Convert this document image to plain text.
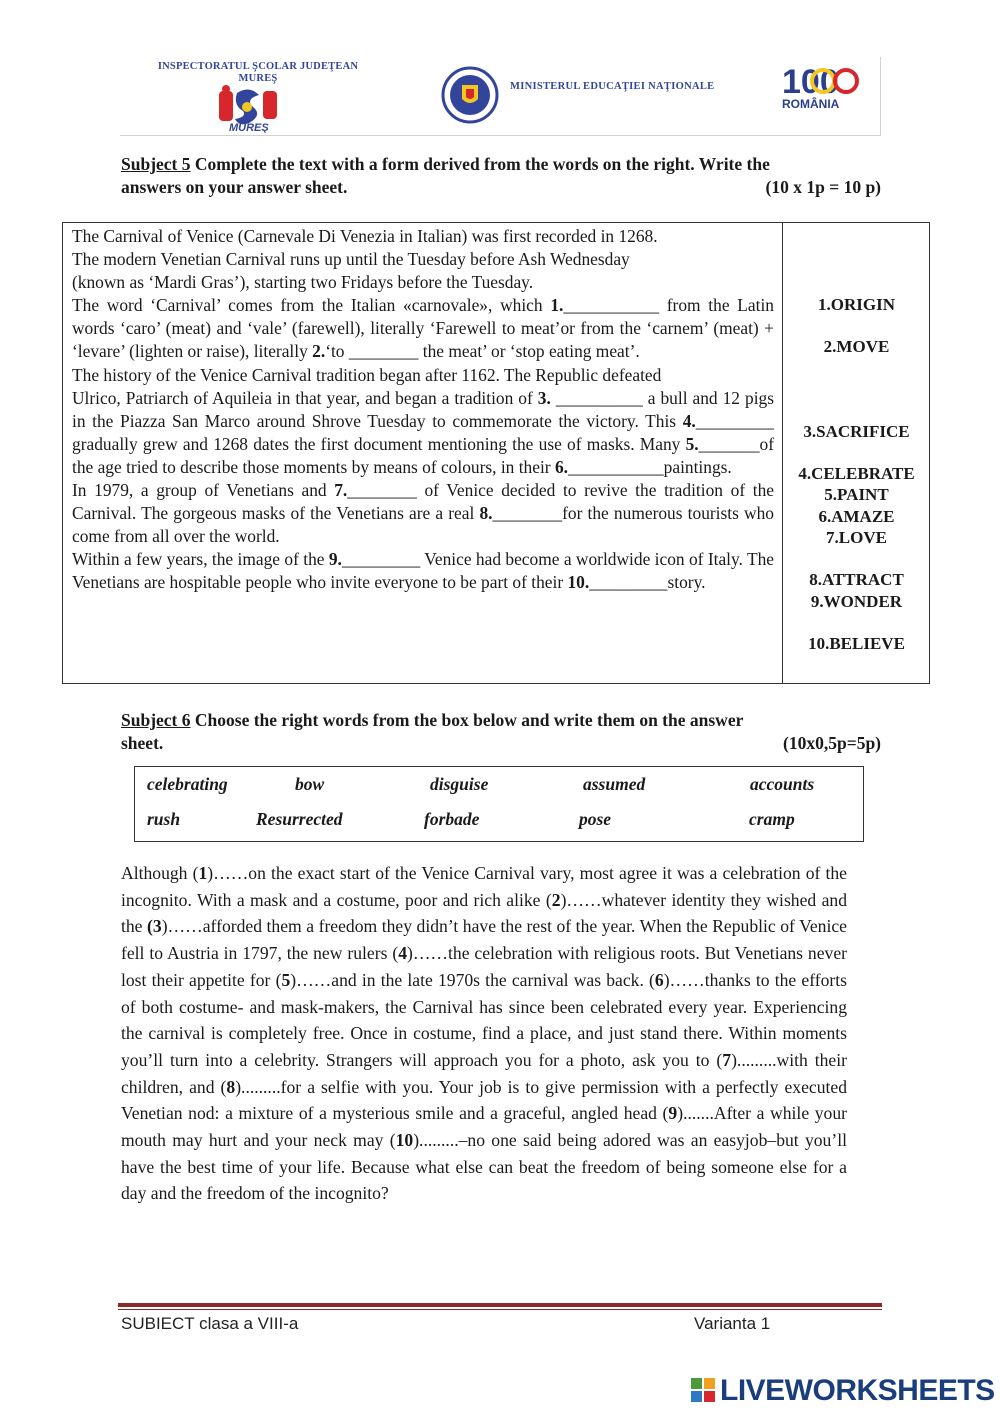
INSPECTORATUL ŞCOLAR JUDEŢEAN
MUREŞ
MUREŞ
MINISTERUL EDUCAŢIEI NAŢIONALE 100
ROMÂNIA
Subject 5 Complete the text with a form derived from the words on the right. Write the
answers on your answer sheet.	(10 x 1p = 10 p)
The Carnival of Venice (Carnevale Di Venezia in Italian) was first recorded in 1268.
The modern Venetian Carnival runs up until the Tuesday before Ash Wednesday
(known as ‘Mardi Gras’), starting two Fridays before the Tuesday.

The word ‘Carnival’ comes from the Italian «carnovale», which 1.___________ from the Latin words ‘caro’ (meat) and ‘vale’ (farewell), literally ‘Farewell to meat’or from the ‘carnem’ (meat) + ‘levare’ (lighten or raise), literally 2.‘to ________ the meat’ or ‘stop eating meat’.

The history of the Venice Carnival tradition began after 1162. The Republic defeated

Ulrico, Patriarch of Aquileia in that year, and began a tradition of 3. __________ a bull and 12 pigs in the Piazza San Marco around Shrove Tuesday to commemorate the victory. This 4._________ gradually grew and 1268 dates the first document mentioning the use of masks. Many 5._______of the age tried to describe those moments by means of colours, in their 6.___________paintings.

In 1979, a group of Venetians and 7.________ of Venice decided to revive the tradition of the Carnival. The gorgeous masks of the Venetians are a real 8.________for the numerous tourists who come from all over the world.

Within a few years, the image of the 9._________ Venice had become a worldwide icon of Italy. The Venetians are hospitable people who invite everyone to be part of their 10._________story.

1.ORIGIN
2.MOVE
3.SACRIFICE
4.CELEBRATE
5.PAINT
6.AMAZE
7.LOVE
8.ATTRACT
9.WONDER
10.BELIEVE
Subject 6 Choose the right words from the box below and write them on the answer
sheet.	(10x0,5p=5p)
celebrating	bow	disguise	assumed	accounts
rush	Resurrected	forbade	pose	cramp

Although (1)……on the exact start of the Venice Carnival vary, most agree it was a celebration of the incognito. With a mask and a costume, poor and rich alike (2)……whatever identity they wished and the (3)……afforded them a freedom they didn’t have the rest of the year. When the Republic of Venice fell to Austria in 1797, the new rulers (4)……the celebration with religious roots. But Venetians never lost their appetite for (5)……and in the late 1970s the carnival was back. (6)……thanks to the efforts of both costume- and mask-makers, the Carnival has since been celebrated every year. Experiencing the carnival is completely free. Once in costume, find a place, and just stand there. Within moments you’ll turn into a celebrity. Strangers will approach you for a photo, ask you to (7).........with their children, and (8).........for a selfie with you. Your job is to give permission with a perfectly executed Venetian nod: a mixture of a mysterious smile and a graceful, angled head (9).......After a while your mouth may hurt and your neck may (10).........–no one said being adored was an easyjob–but you’ll have the best time of your life. Because what else can beat the freedom of being someone else for a day and the freedom of the incognito?

SUBIECT clasa a VIII-a	Varianta 1
LIVEWORKSHEETS
